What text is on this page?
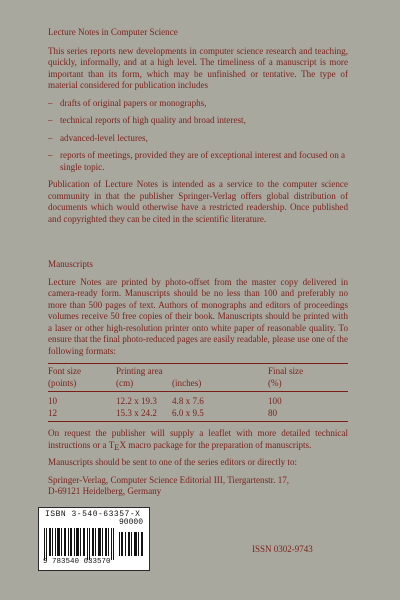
Lecture Notes in Computer Science

This series reports new developments in computer science research and teaching, quickly, informally, and at a high level. The timeliness of a manuscript is more important than its form, which may be unfinished or tentative. The type of material considered for publication includes

– drafts of original papers or monographs,
– technical reports of high quality and broad interest,
– advanced-level lectures,
– reports of meetings, provided they are of exceptional interest and focused on a single topic.

Publication of Lecture Notes is intended as a service to the computer science community in that the publisher Springer-Verlag offers global distribution of documents which would otherwise have a restricted readership. Once published and copyrighted they can be cited in the scientific literature.

Manuscripts

Lecture Notes are printed by photo-offset from the master copy delivered in camera-ready form. Manuscripts should be no less than 100 and preferably no more than 500 pages of text. Authors of monographs and editors of proceedings volumes receive 50 free copies of their book. Manuscripts should be printed with a laser or other high-resolution printer onto white paper of reasonable quality. To ensure that the final photo-reduced pages are easily readable, please use one of the following formats:

Font size	Printing area		Final size
(points)	(cm)	(inches)	(%)
10	12.2 x 19.3	4.8 x 7.6	100
12	15.3 x 24.2	6.0 x 9.5	80

On request the publisher will supply a leaflet with more detailed technical instructions or a TEX macro package for the preparation of manuscripts.

Manuscripts should be sent to one of the series editors or directly to:

Springer-Verlag, Computer Science Editorial III, Tiergartenstr. 17,

D-69121 Heidelberg, Germany

ISBN 3-540-63357-X
90000
9 783540 633570
ISSN 0302-9743
